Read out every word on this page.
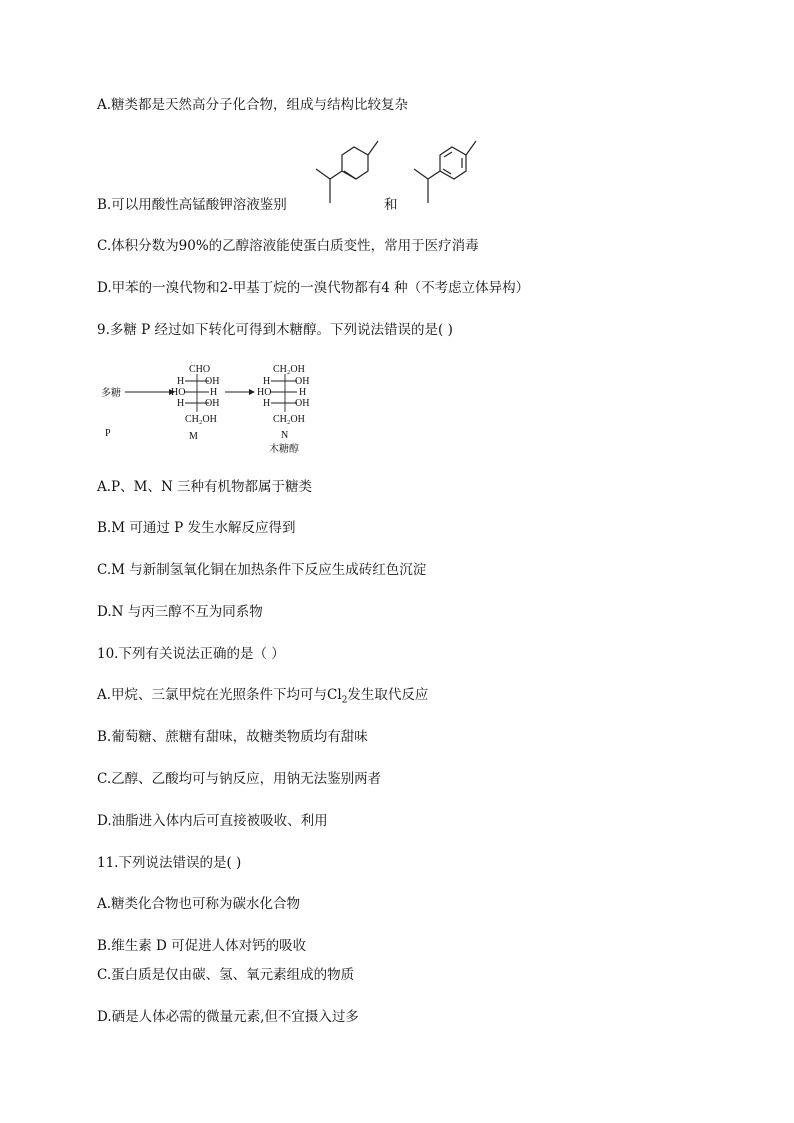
A.糖类都是天然高分子化合物，组成与结构比较复杂
B.可以用酸性高锰酸钾溶液鉴别	和
C.体积分数为90%的乙醇溶液能使蛋白质变性，常用于医疗消毒
D.甲苯的一溴代物和2-甲基丁烷的一溴代物都有4 种（不考虑立体异构）
9.多糖 P 经过如下转化可得到木糖醇。下列说法错误的是( )
多糖
P
CHO
H OH
HO H
H OH
CH₂OH
M
CH₂OH
H OH
HO	H
H OH
CH₂OH
N
木糖醇
A.P、M、N 三种有机物都属于糖类
B.M 可通过 P 发生水解反应得到
C.M 与新制氢氧化铜在加热条件下反应生成砖红色沉淀
D.N 与丙三醇不互为同系物
10.下列有关说法正确的是（ ）
A.甲烷、三氯甲烷在光照条件下均可与$Cl_2$发生取代反应
B.葡萄糖、蔗糖有甜味，故糖类物质均有甜味
C.乙醇、乙酸均可与钠反应，用钠无法鉴别两者
D.油脂进入体内后可直接被吸收、利用
11.下列说法错误的是( )
A.糖类化合物也可称为碳水化合物
B.维生素 D 可促进人体对钙的吸收
C.蛋白质是仅由碳、氢、氧元素组成的物质
D.硒是人体必需的微量元素,但不宜摄入过多
